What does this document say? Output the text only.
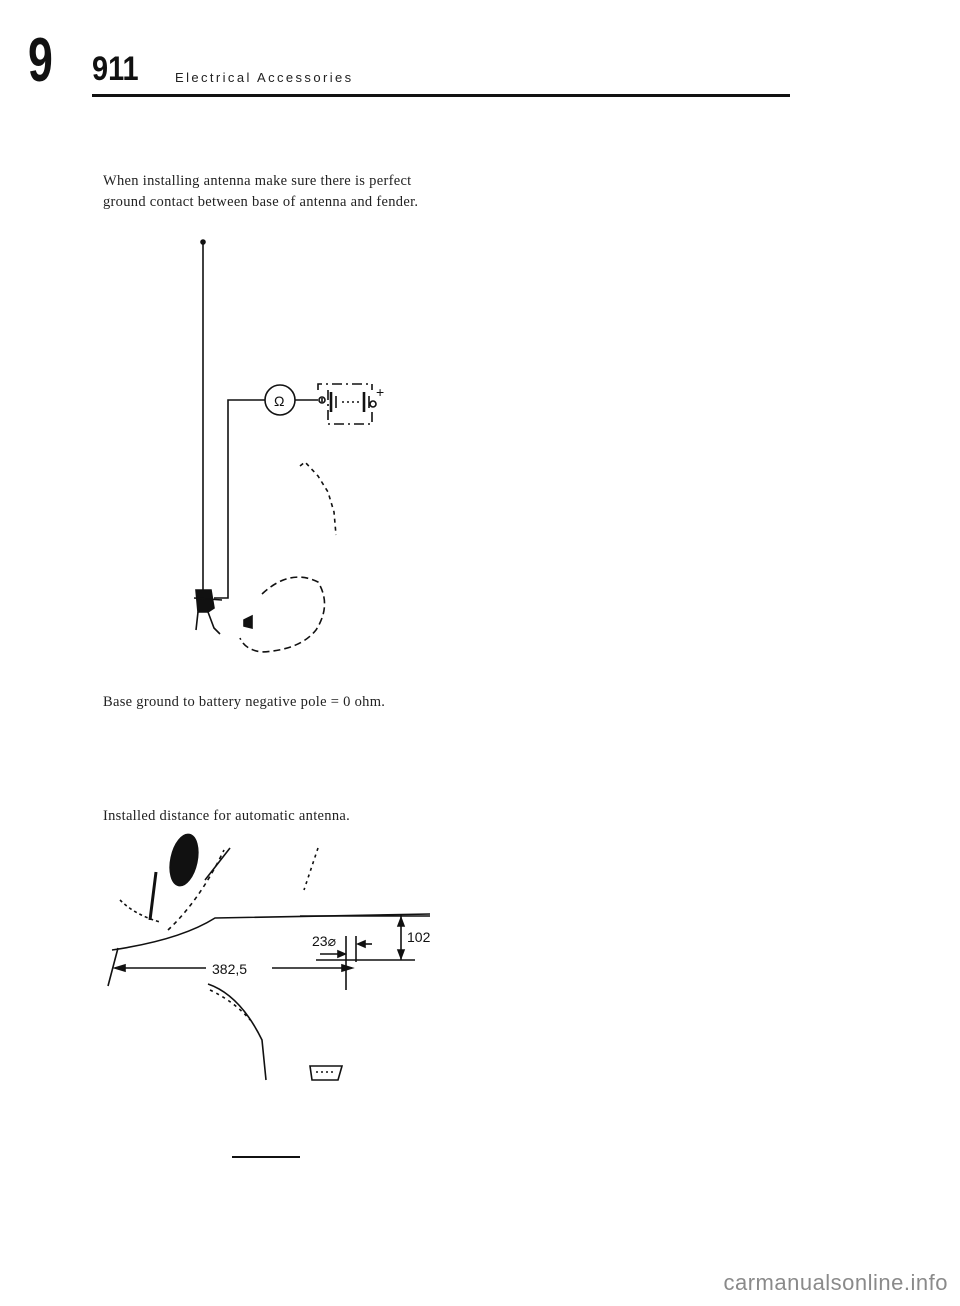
9 911	Electrical Accessories
When installing antenna make sure there is perfect
ground contact between base of antenna and fender.
Ω
+
Base ground to battery negative pole = 0 ohm.
Installed distance for automatic antenna.
382,5
23⌀	102
carmanualsonline.info
